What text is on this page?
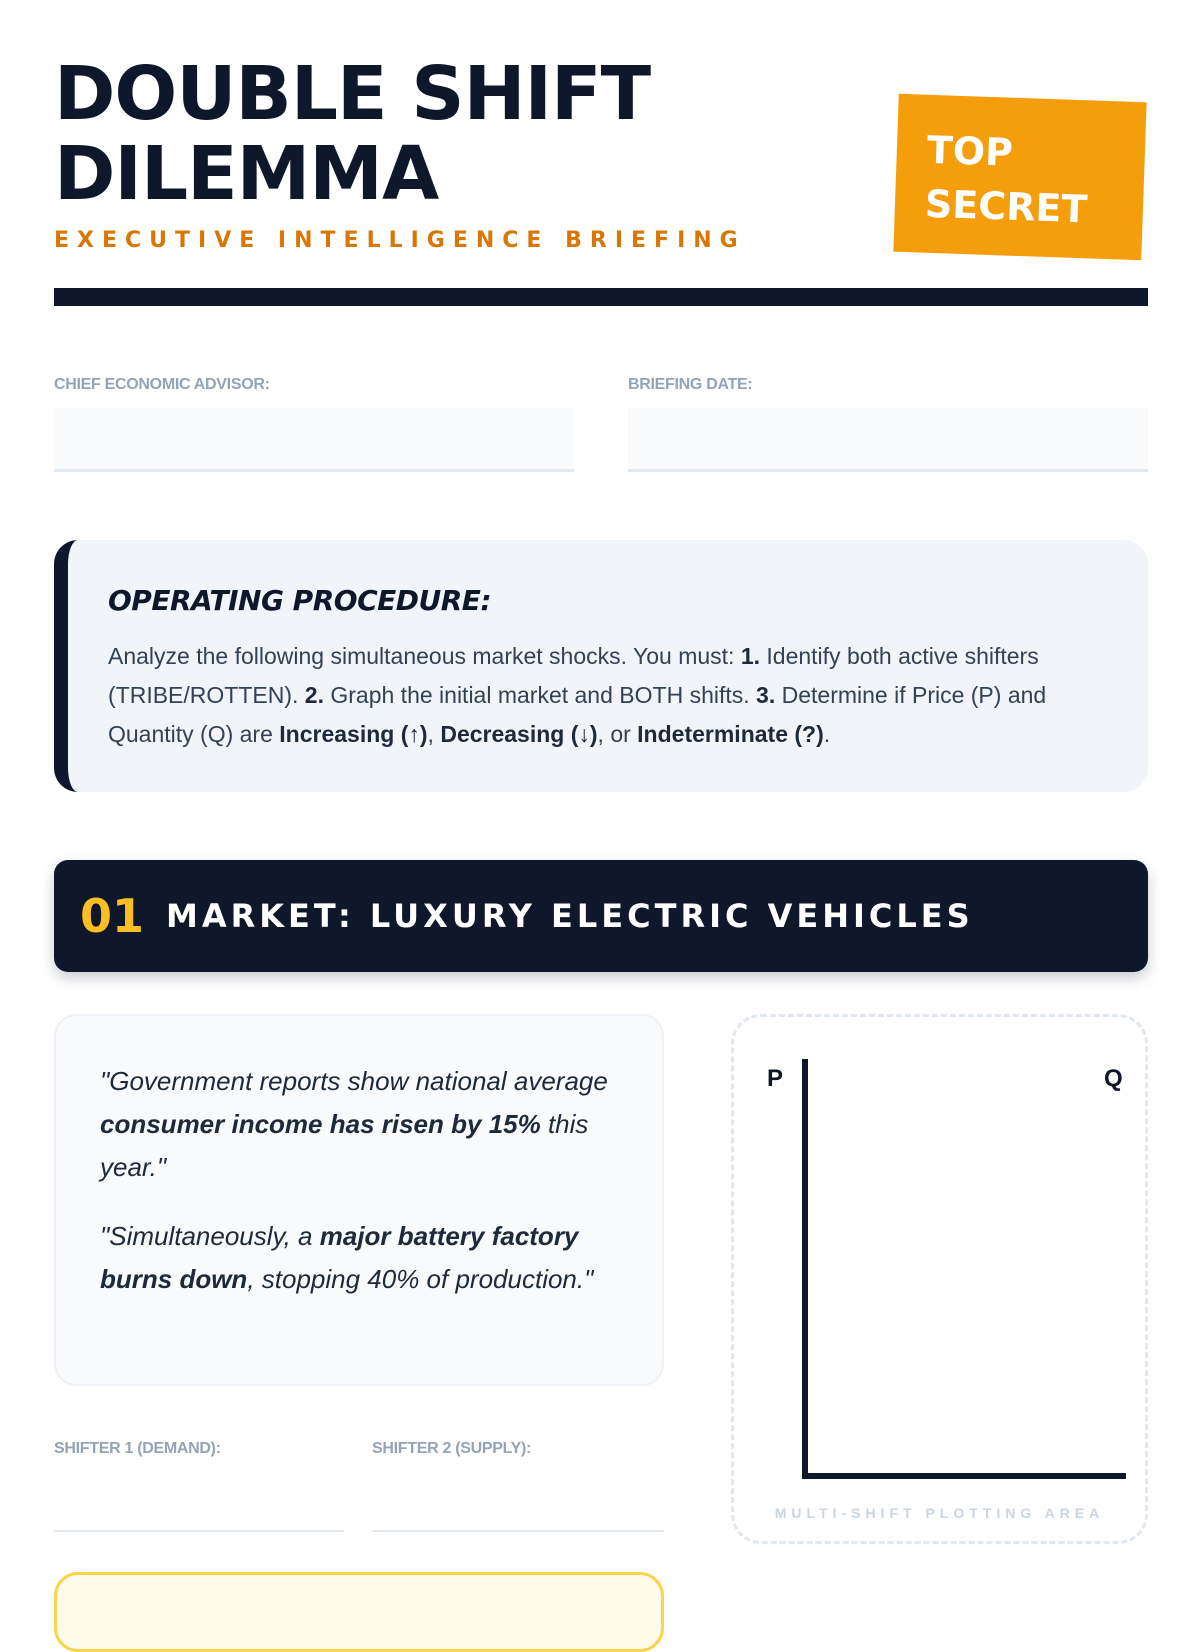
DOUBLE SHIFT
DILEMMA
EXECUTIVE INTELLIGENCE BRIEFING
TOP
SECRET
CHIEF ECONOMIC ADVISOR:	BRIEFING DATE:
OPERATING PROCEDURE:

Analyze the following simultaneous market shocks. You must: 1. Identify both active shifters (TRIBE/ROTTEN). 2. Graph the initial market and BOTH shifts. 3. Determine if Price (P) and Quantity (Q) are Increasing (↑), Decreasing (↓), or Indeterminate (?).

01 MARKET: LUXURY ELECTRIC VEHICLES

"Government reports show national average consumer income has risen by 15% this year."

"Simultaneously, a major battery factory burns down, stopping 40% of production."

SHIFTER 1 (DEMAND):	SHIFTER 2 (SUPPLY):
P	Q
MULTI-SHIFT PLOTTING AREA
